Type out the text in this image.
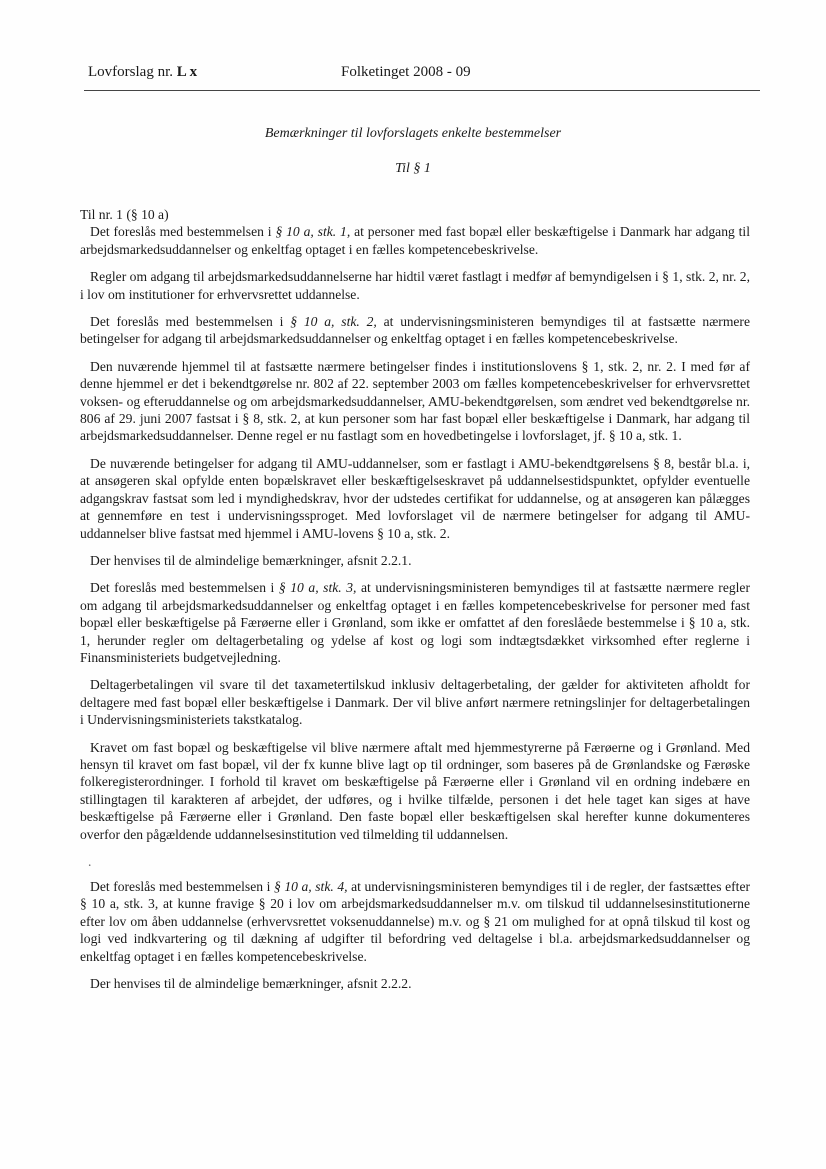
Lovforslag nr. L x	Folketinget 2008 - 09
Bemærkninger til lovforslagets enkelte bestemmelser
Til § 1

Til nr. 1 (§ 10 a)

Det foreslås med bestemmelsen i § 10 a, stk. 1, at personer med fast bopæl eller beskæftigelse i Danmark har adgang til arbejdsmarkedsuddannelser og enkeltfag optaget i en fælles kompetencebeskrivelse.

Regler om adgang til arbejdsmarkedsuddannelserne har hidtil været fastlagt i medfør af bemyndigelsen i § 1, stk. 2, nr. 2, i lov om institutioner for erhvervsrettet uddannelse.

Det foreslås med bestemmelsen i § 10 a, stk. 2, at undervisningsministeren bemyndiges til at fastsætte nærmere betingelser for adgang til arbejdsmarkedsuddannelser og enkeltfag optaget i en fælles kompetencebeskrivelse.

Den nuværende hjemmel til at fastsætte nærmere betingelser findes i institutionslovens § 1, stk. 2, nr. 2. I med før af denne hjemmel er det i bekendtgørelse nr. 802 af 22. september 2003 om fælles kompetencebeskrivelser for erhvervsrettet voksen- og efteruddannelse og om arbejdsmarkedsuddannelser, AMU-bekendtgørelsen, som ændret ved bekendtgørelse nr. 806 af 29. juni 2007 fastsat i § 8, stk. 2, at kun personer som har fast bopæl eller beskæftigelse i Danmark, har adgang til arbejdsmarkedsuddannelser. Denne regel er nu fastlagt som en hovedbetingelse i lovforslaget, jf. § 10 a, stk. 1.

De nuværende betingelser for adgang til AMU-uddannelser, som er fastlagt i AMU-bekendtgørelsens § 8, består bl.a. i, at ansøgeren skal opfylde enten bopælskravet eller beskæftigelseskravet på uddannelsestidspunktet, opfylder eventuelle adgangskrav fastsat som led i myndighedskrav, hvor der udstedes certifikat for uddannelse, og at ansøgeren kan pålægges at gennemføre en test i undervisningssproget. Med lovforslaget vil de nærmere betingelser for adgang til AMU-uddannelser blive fastsat med hjemmel i AMU-lovens § 10 a, stk. 2.

Der henvises til de almindelige bemærkninger, afsnit 2.2.1.

Det foreslås med bestemmelsen i § 10 a, stk. 3, at undervisningsministeren bemyndiges til at fastsætte nærmere regler om adgang til arbejdsmarkedsuddannelser og enkeltfag optaget i en fælles kompetencebeskrivelse for personer med fast bopæl eller beskæftigelse på Færøerne eller i Grønland, som ikke er omfattet af den foreslåede bestemmelse i § 10 a, stk. 1, herunder regler om deltagerbetaling og ydelse af kost og logi som indtægtsdækket virksomhed efter reglerne i Finansministeriets budgetvejledning.

Deltagerbetalingen vil svare til det taxametertilskud inklusiv deltagerbetaling, der gælder for aktiviteten afholdt for deltagere med fast bopæl eller beskæftigelse i Danmark. Der vil blive anført nærmere retningslinjer for deltagerbetalingen i Undervisningsministeriets takstkatalog.

Kravet om fast bopæl og beskæftigelse vil blive nærmere aftalt med hjemmestyrerne på Færøerne og i Grønland. Med hensyn til kravet om fast bopæl, vil der fx kunne blive lagt op til ordninger, som baseres på de Grønlandske og Færøske folkeregisterordninger. I forhold til kravet om beskæftigelse på Færøerne eller i Grønland vil en ordning indebære en stillingtagen til karakteren af arbejdet, der udføres, og i hvilke tilfælde, personen i det hele taget kan siges at have beskæftigelse på Færøerne eller i Grønland. Den faste bopæl eller beskæftigelsen skal herefter kunne dokumenteres overfor den pågældende uddannelsesinstitution ved tilmelding til uddannelsen.

.

Det foreslås med bestemmelsen i § 10 a, stk. 4, at undervisningsministeren bemyndiges til i de regler, der fastsættes efter § 10 a, stk. 3, at kunne fravige § 20 i lov om arbejdsmarkedsuddannelser m.v. om tilskud til uddannelsesinstitutionerne efter lov om åben uddannelse (erhvervsrettet voksenuddannelse) m.v. og § 21 om mulighed for at opnå tilskud til kost og logi ved indkvartering og til dækning af udgifter til befordring ved deltagelse i bl.a. arbejdsmarkedsuddannelser og enkeltfag optaget i en fælles kompetencebeskrivelse.

Der henvises til de almindelige bemærkninger, afsnit 2.2.2.
